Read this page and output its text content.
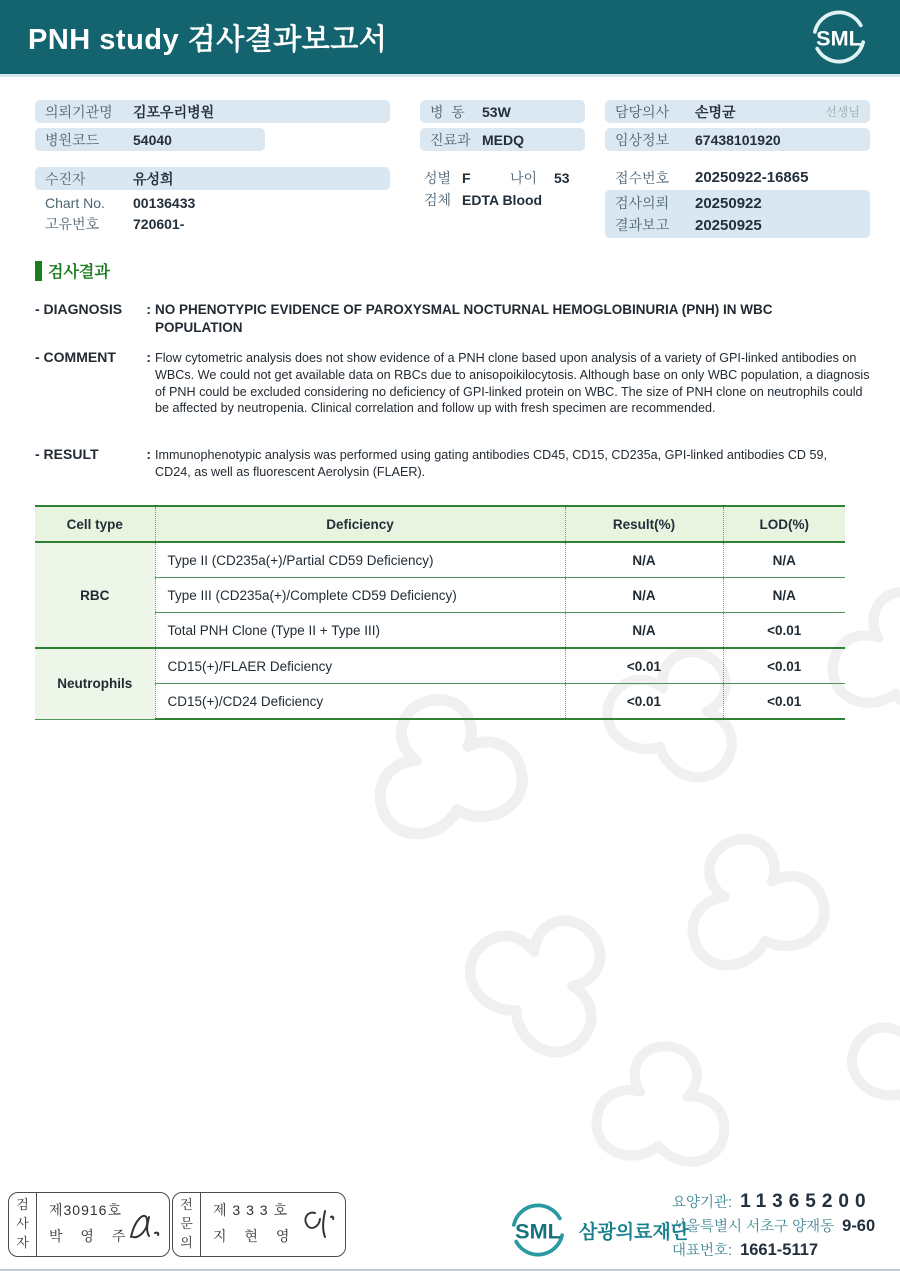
PNH study 검사결과보고서	SML
의뢰기관명	김포우리병원
병원코드	54040
수진자	유성희
Chart No.	00136433
고유번호	720601-
병  동	53W
진료과 MEDQ
성별 F	나이	53
검체 EDTA Blood
담당의사	손명균	선생님
임상정보	67438101920
접수번호	20250922-16865
검사의뢰	20250922
결과보고	20250925
검사결과
- DIAGNOSIS : NO PHENOTYPIC EVIDENCE OF PAROXYSMAL NOCTURNAL HEMOGLOBINURIA (PNH) IN WBC POPULATION
- COMMENT : Flow cytometric analysis does not show evidence of a PNH clone based upon analysis of a variety of GPI-linked antibodies on WBCs. We could not get available data on RBCs due to anisopoikilocytosis. Although base on only WBC population, a diagnosis of PNH could be excluded considering no deficiency of GPI-linked protein on WBC. The size of PNH clone on neutrophils could be affected by neutropenia. Clinical correlation and follow up with fresh specimen are recommended.
- RESULT	: Immunophenotypic analysis was performed using gating antibodies CD45, CD15, CD235a, GPI-linked antibodies CD 59, CD24, as well as fluorescent Aerolysin (FLAER).
Cell type	Deficiency	Result(%)	LOD(%)
RBC	Type II (CD235a(+)/Partial CD59 Deficiency)	N/A	N/A
	Type III (CD235a(+)/Complete CD59 Deficiency)	N/A	N/A
	Total PNH Clone (Type II + Type III)	N/A	<0.01
Neutrophils	CD15(+)/FLAER Deficiency	<0.01	<0.01
	CD15(+)/CD24 Deficiency	<0.01	<0.01
검사자
제30916호
박 영 주
전문의
제 3 3 3 호
지 현 영	SML 삼광의료재단
요양기관: 11365200
서울특별시 서초구 양재동 9-60
대표번호: 1661-5117
